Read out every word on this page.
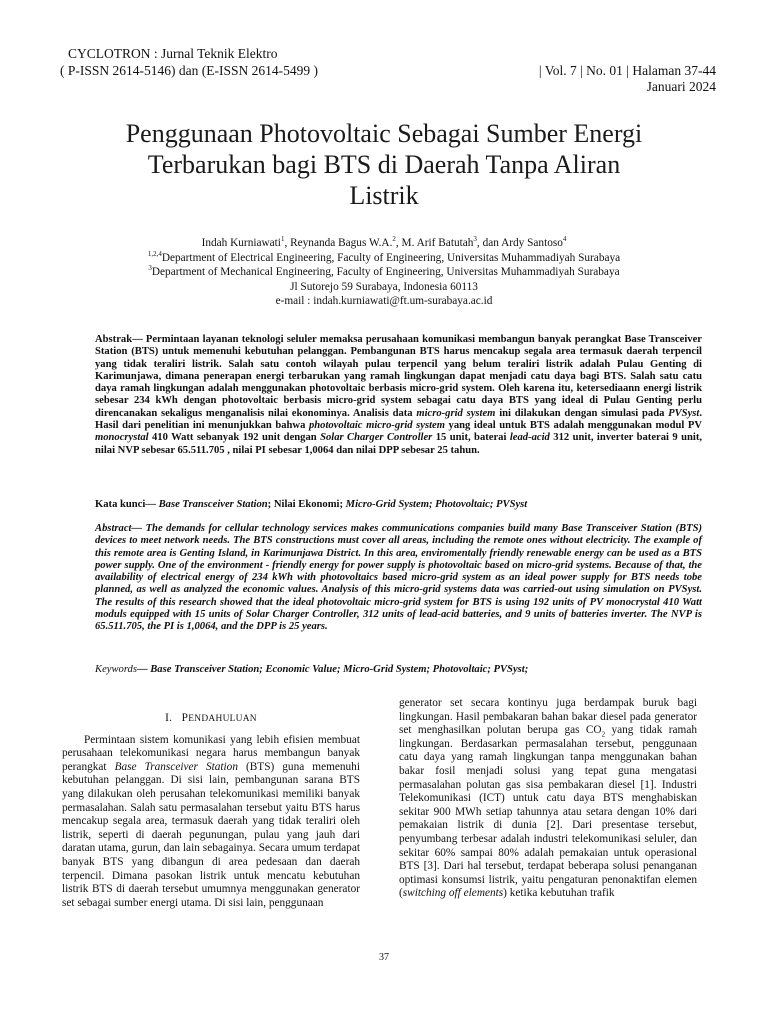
CYCLOTRON : Jurnal Teknik Elektro
( P-ISSN 2614-5146) dan (E-ISSN 2614-5499 )	| Vol. 7 | No. 01 | Halaman 37-44
Januari 2024
Penggunaan Photovoltaic Sebagai Sumber Energi
Terbarukan bagi BTS di Daerah Tanpa Aliran
Listrik
Indah Kurniawati$^1$, Reynanda Bagus W.A.$^2$, M. Arif Batutah$^3$, dan Ardy Santoso$^4$
$^{1,2,4}$Department of Electrical Engineering, Faculty of Engineering, Universitas Muhammadiyah Surabaya
$^3$Department of Mechanical Engineering, Faculty of Engineering, Universitas Muhammadiyah Surabaya
Jl Sutorejo 59 Surabaya, Indonesia 60113
e-mail : indah.kurniawati@ft.um-surabaya.ac.id
Abstrak— Permintaan layanan teknologi seluler memaksa perusahaan komunikasi membangun banyak perangkat Base Transceiver Station (BTS) untuk memenuhi kebutuhan pelanggan. Pembangunan BTS harus mencakup segala area termasuk daerah terpencil yang tidak teraliri listrik. Salah satu contoh wilayah pulau terpencil yang belum teraliri listrik adalah Pulau Genting di Karimunjawa, dimana penerapan energi terbarukan yang ramah lingkungan dapat menjadi catu daya bagi BTS. Salah satu catu daya ramah lingkungan adalah menggunakan photovoltaic berbasis micro-grid system. Oleh karena itu, ketersediaann energi listrik sebesar 234 kWh dengan photovoltaic berbasis micro-grid system sebagai catu daya BTS yang ideal di Pulau Genting perlu direncanakan sekaligus menganalisis nilai ekonominya. Analisis data micro-grid system ini dilakukan dengan simulasi pada PVSyst. Hasil dari penelitian ini menunjukkan bahwa photovoltaic micro-grid system yang ideal untuk BTS adalah menggunakan modul PV monocrystal 410 Watt sebanyak 192 unit dengan Solar Charger Controller 15 unit, baterai lead-acid 312 unit, inverter baterai 9 unit, nilai NVP sebesar 65.511.705 , nilai PI sebesar 1,0064 dan nilai DPP sebesar 25 tahun.
Kata kunci— Base Transceiver Station; Nilai Ekonomi; Micro-Grid System; Photovoltaic; PVSyst
Abstract— The demands for cellular technology services makes communications companies build many Base Transceiver Station (BTS) devices to meet network needs. The BTS constructions must cover all areas, including the remote ones without electricity. The example of this remote area is Genting Island, in Karimunjawa District. In this area, enviromentally friendly renewable energy can be used as a BTS power supply. One of the environment - friendly energy for power supply is photovoltaic based on micro-grid systems. Because of that, the availability of electrical energy of 234 kWh with photovoltaics based micro-grid system as an ideal power supply for BTS needs tobe planned, as well as analyzed the economic values. Analysis of this micro-grid systems data was carried-out using simulation on PVSyst. The results of this research showed that the ideal photovoltaic micro-grid system for BTS is using 192 units of PV monocrystal 410 Watt moduls equipped with 15 units of Solar Charger Controller, 312 units of lead-acid batteries, and 9 units of batteries inverter. The NVP is 65.511.705, the PI is 1,0064, and the DPP is 25 years.
Keywords— Base Transceiver Station; Economic Value; Micro-Grid System; Photovoltaic; PVSyst;
I. PENDAHULUAN

Permintaan sistem komunikasi yang lebih efisien membuat perusahaan telekomunikasi negara harus membangun banyak perangkat Base Transceiver Station (BTS) guna memenuhi kebutuhan pelanggan. Di sisi lain, pembangunan sarana BTS yang dilakukan oleh perusahan telekomunikasi memiliki banyak permasalahan. Salah satu permasalahan tersebut yaitu BTS harus mencakup segala area, termasuk daerah yang tidak teraliri oleh listrik, seperti di daerah pegunungan, pulau yang jauh dari daratan utama, gurun, dan lain sebagainya. Secara umum terdapat banyak BTS yang dibangun di area pedesaan dan daerah terpencil. Dimana pasokan listrik untuk mencatu kebutuhan listrik BTS di daerah tersebut umumnya menggunakan generator set sebagai sumber energi utama. Di sisi lain, penggunaan

generator set secara kontinyu juga berdampak buruk bagi lingkungan. Hasil pembakaran bahan bakar diesel pada generator set menghasilkan polutan berupa gas $CO_2$ yang tidak ramah lingkungan. Berdasarkan permasalahan tersebut, penggunaan catu daya yang ramah lingkungan tanpa menggunakan bahan bakar fosil menjadi solusi yang tepat guna mengatasi permasalahan polutan gas sisa pembakaran diesel [1]. Industri Telekomunikasi (ICT) untuk catu daya BTS menghabiskan sekitar 900 MWh setiap tahunnya atau setara dengan 10% dari pemakaian listrik di dunia [2]. Dari presentase tersebut, penyumbang terbesar adalah industri telekomunikasi seluler, dan sekitar 60% sampai 80% adalah pemakaian untuk operasional BTS [3]. Dari hal tersebut, terdapat beberapa solusi penanganan optimasi konsumsi listrik, yaitu pengaturan penonaktifan elemen (switching off elements) ketika kebutuhan trafik

37
